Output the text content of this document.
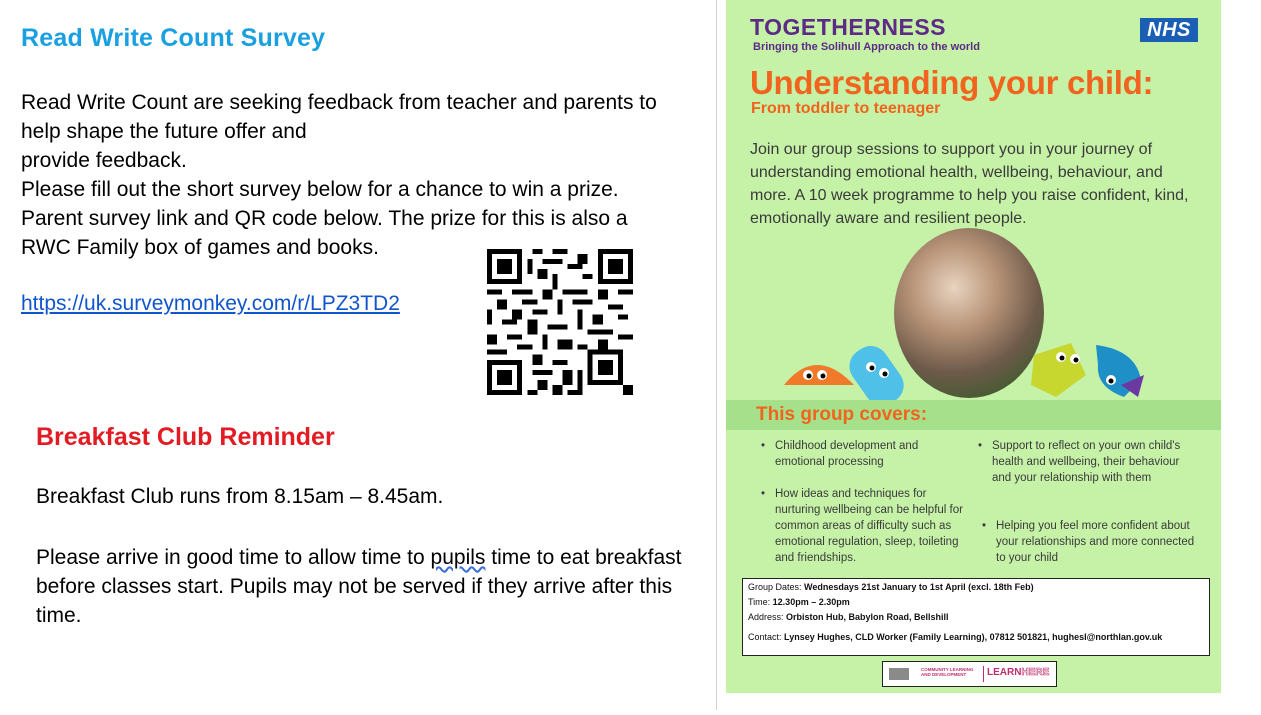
Read Write Count Survey

Read Write Count are seeking feedback from teacher and parents to help shape the future offer and

provide feedback.

Please fill out the short survey below for a chance to win a prize.

Parent survey link and QR code below. The prize for this is also a RWC Family box of games and books.

https://uk.surveymonkey.com/r/LPZ3TD2
Breakfast Club Reminder
Breakfast Club runs from 8.15am – 8.45am.
Please arrive in good time to allow time to pupils time to eat breakfast before classes start. Pupils may not be served if they arrive after this time.
TOGETHERNESS
Bringing the Solihull Approach to the world
NHS
Understanding your child:
From toddler to teenager
Join our group sessions to support you in your journey of understanding emotional health, wellbeing, behaviour, and more. A 10 week programme to help you raise confident, kind, emotionally aware and resilient people.
This group covers:
• Childhood development and emotional processing
• How ideas and techniques for nurturing wellbeing can be helpful for common areas of difficulty such as emotional regulation, sleep, toileting and friendships.
• Support to reflect on your own child's health and wellbeing, their behaviour and your relationship with them
• Helping you feel more confident about your relationships and more connected to your child
Group Dates: Wednesdays 21st January to 1st April (excl. 18th Feb)
Time: 12.30pm – 2.30pm
Address: Orbiston Hub, Babylon Road, Bellshill
Contact: Lynsey Hughes, CLD Worker (Family Learning), 07812 501821, hughesl@northlan.gov.uk
COMMUNITY LEARNING AND DEVELOPMENT	LEARNHERE
